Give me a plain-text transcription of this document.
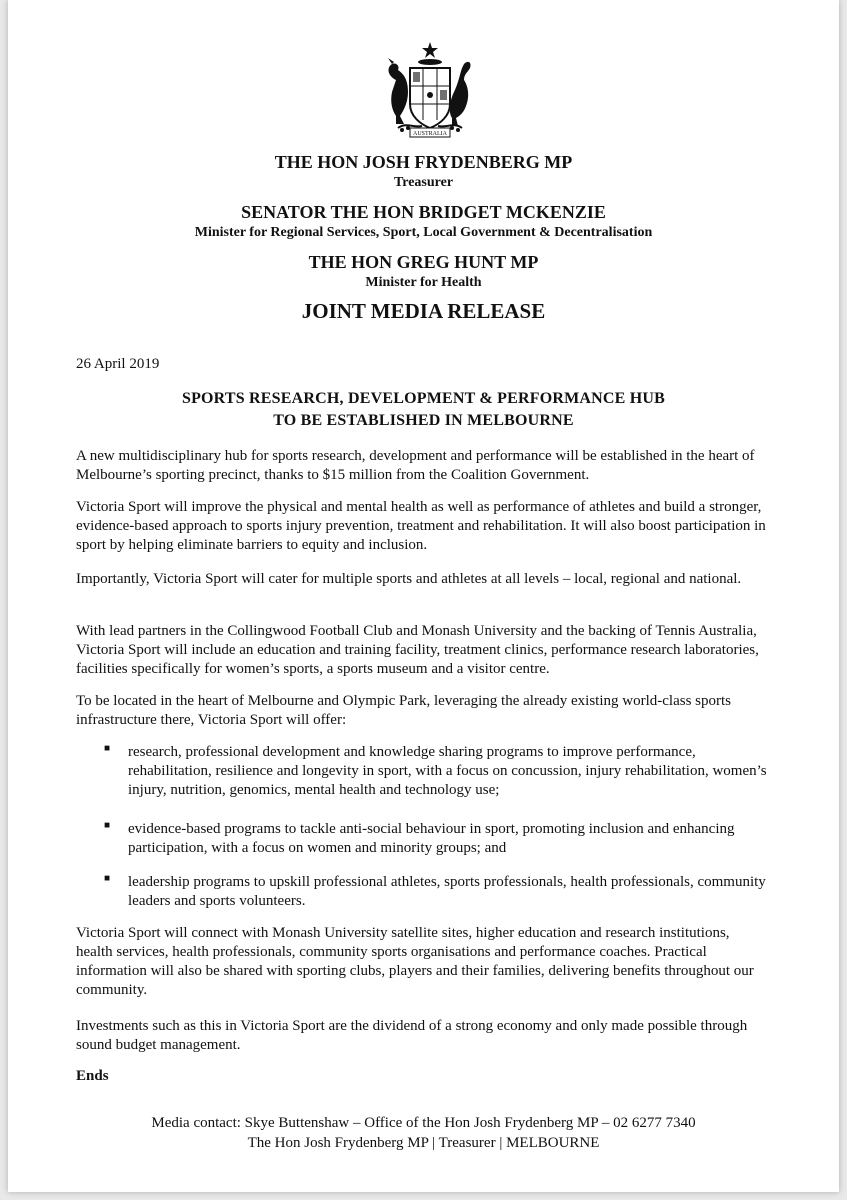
AUSTRALIA
THE HON JOSH FRYDENBERG MP
Treasurer
SENATOR THE HON BRIDGET MCKENZIE
Minister for Regional Services, Sport, Local Government & Decentralisation
THE HON GREG HUNT MP
Minister for Health
JOINT MEDIA RELEASE
26 April 2019
SPORTS RESEARCH, DEVELOPMENT & PERFORMANCE HUB
TO BE ESTABLISHED IN MELBOURNE
A new multidisciplinary hub for sports research, development and performance will be established in the heart of Melbourne’s sporting precinct, thanks to $15 million from the Coalition Government.
Victoria Sport will improve the physical and mental health as well as performance of athletes and build a stronger, evidence-based approach to sports injury prevention, treatment and rehabilitation. It will also boost participation in sport by helping eliminate barriers to equity and inclusion.
Importantly, Victoria Sport will cater for multiple sports and athletes at all levels – local, regional and national.
With lead partners in the Collingwood Football Club and Monash University and the backing of Tennis Australia, Victoria Sport will include an education and training facility, treatment clinics, performance research laboratories, facilities specifically for women’s sports, a sports museum and a visitor centre.
To be located in the heart of Melbourne and Olympic Park, leveraging the already existing world-class sports infrastructure there, Victoria Sport will offer:
■	research, professional development and knowledge sharing programs to improve performance, rehabilitation, resilience and longevity in sport, with a focus on concussion, injury rehabilitation, women’s injury, nutrition, genomics, mental health and technology use;
■	evidence-based programs to tackle anti-social behaviour in sport, promoting inclusion and enhancing participation, with a focus on women and minority groups; and
■	leadership programs to upskill professional athletes, sports professionals, health professionals, community leaders and sports volunteers.
Victoria Sport will connect with Monash University satellite sites, higher education and research institutions, health services, health professionals, community sports organisations and performance coaches. Practical information will also be shared with sporting clubs, players and their families, delivering benefits throughout our community.
Investments such as this in Victoria Sport are the dividend of a strong economy and only made possible through sound budget management.
Ends
Media contact: Skye Buttenshaw – Office of the Hon Josh Frydenberg MP – 02 6277 7340
The Hon Josh Frydenberg MP | Treasurer | MELBOURNE
